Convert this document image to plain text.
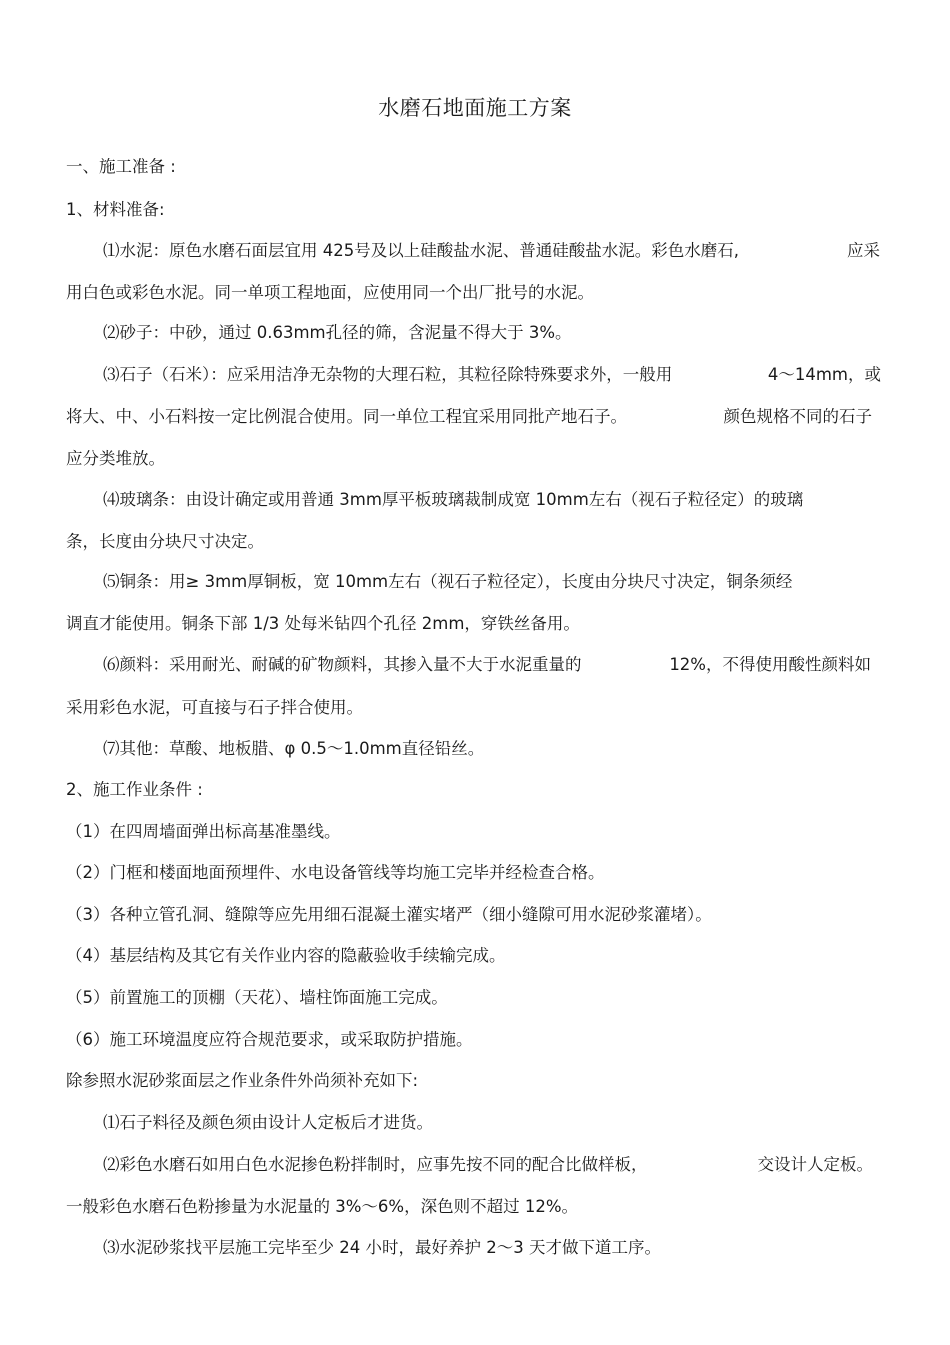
水磨石地面施工方案
一、施工准备 :
1、材料准备:
⑴水泥：原色水磨石面层宜用 425号及以上硅酸盐水泥、普通硅酸盐水泥。彩色水磨石,	应采
用白色或彩色水泥。同一单项工程地面，应使用同一个出厂批号的水泥。
⑵砂子：中砂，通过 0.63mm孔径的筛，含泥量不得大于 3%。
⑶石子（石米）：应采用洁净无杂物的大理石粒，其粒径除特殊要求外，一般用	4～14mm，或
将大、中、小石料按一定比例混合使用。同一单位工程宜采用同批产地石子。	颜色规格不同的石子
应分类堆放。
⑷玻璃条：由设计确定或用普通 3mm厚平板玻璃裁制成宽 10mm左右（视石子粒径定）的玻璃
条，长度由分块尺寸决定。
⑸铜条：用≥ 3mm厚铜板，宽 10mm左右（视石子粒径定），长度由分块尺寸决定，铜条须经
调直才能使用。铜条下部 1/3 处每米钻四个孔径 2mm，穿铁丝备用。
⑹颜料：采用耐光、耐碱的矿物颜料，其掺入量不大于水泥重量的	12%，不得使用酸性颜料如
采用彩色水泥，可直接与石子拌合使用。
⑺其他：草酸、地板腊、φ 0.5～1.0mm直径铅丝。
2、施工作业条件 :
（1）在四周墙面弹出标高基准墨线。
（2）门框和楼面地面预埋件、水电设备管线等均施工完毕并经检查合格。
（3）各种立管孔洞、缝隙等应先用细石混凝土灌实堵严（细小缝隙可用水泥砂浆灌堵）。
（4）基层结构及其它有关作业内容的隐蔽验收手续输完成。
（5）前置施工的顶棚（天花）、墙柱饰面施工完成。
（6）施工环境温度应符合规范要求，或采取防护措施。
除参照水泥砂浆面层之作业条件外尚须补充如下:
⑴石子料径及颜色须由设计人定板后才进货。
⑵彩色水磨石如用白色水泥掺色粉拌制时，应事先按不同的配合比做样板，	交设计人定板。
一般彩色水磨石色粉掺量为水泥量的 3%～6%，深色则不超过 12%。
⑶水泥砂浆找平层施工完毕至少 24 小时，最好养护 2～3 天才做下道工序。
